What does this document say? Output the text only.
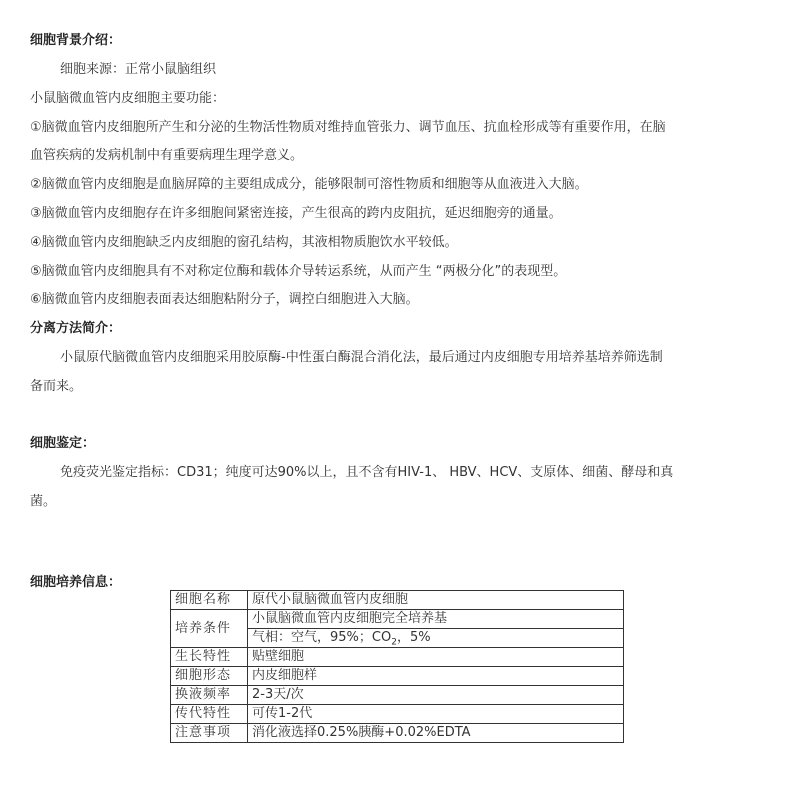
细胞背景介绍：
细胞来源：正常小鼠脑组织
小鼠脑微血管内皮细胞主要功能：
①脑微血管内皮细胞所产生和分泌的生物活性物质对维持血管张力、调节血压、抗血栓形成等有重要作用，在脑
血管疾病的发病机制中有重要病理生理学意义。
②脑微血管内皮细胞是血脑屏障的主要组成成分，能够限制可溶性物质和细胞等从血液进入大脑。
③脑微血管内皮细胞存在许多细胞间紧密连接，产生很高的跨内皮阻抗，延迟细胞旁的通量。
④脑微血管内皮细胞缺乏内皮细胞的窗孔结构，其液相物质胞饮水平较低。
⑤脑微血管内皮细胞具有不对称定位酶和载体介导转运系统，从而产生 “两极分化”的表现型。
⑥脑微血管内皮细胞表面表达细胞粘附分子，调控白细胞进入大脑。
分离方法简介：
小鼠原代脑微血管内皮细胞采用胶原酶-中性蛋白酶混合消化法，最后通过内皮细胞专用培养基培养筛选制
备而来。
细胞鉴定：
免疫荧光鉴定指标：CD31；纯度可达90%以上，且不含有HIV-1、 HBV、HCV、支原体、细菌、酵母和真
菌。
细胞培养信息：
细胞名称	原代小鼠脑微血管内皮细胞
培养条件	小鼠脑微血管内皮细胞完全培养基
	气相：空气，95%；$CO_2$，5%
生长特性	贴壁细胞
细胞形态	内皮细胞样
换液频率	2-3天/次
传代特性	可传1-2代
注意事项	消化液选择0.25%胰酶+0.02%EDTA
